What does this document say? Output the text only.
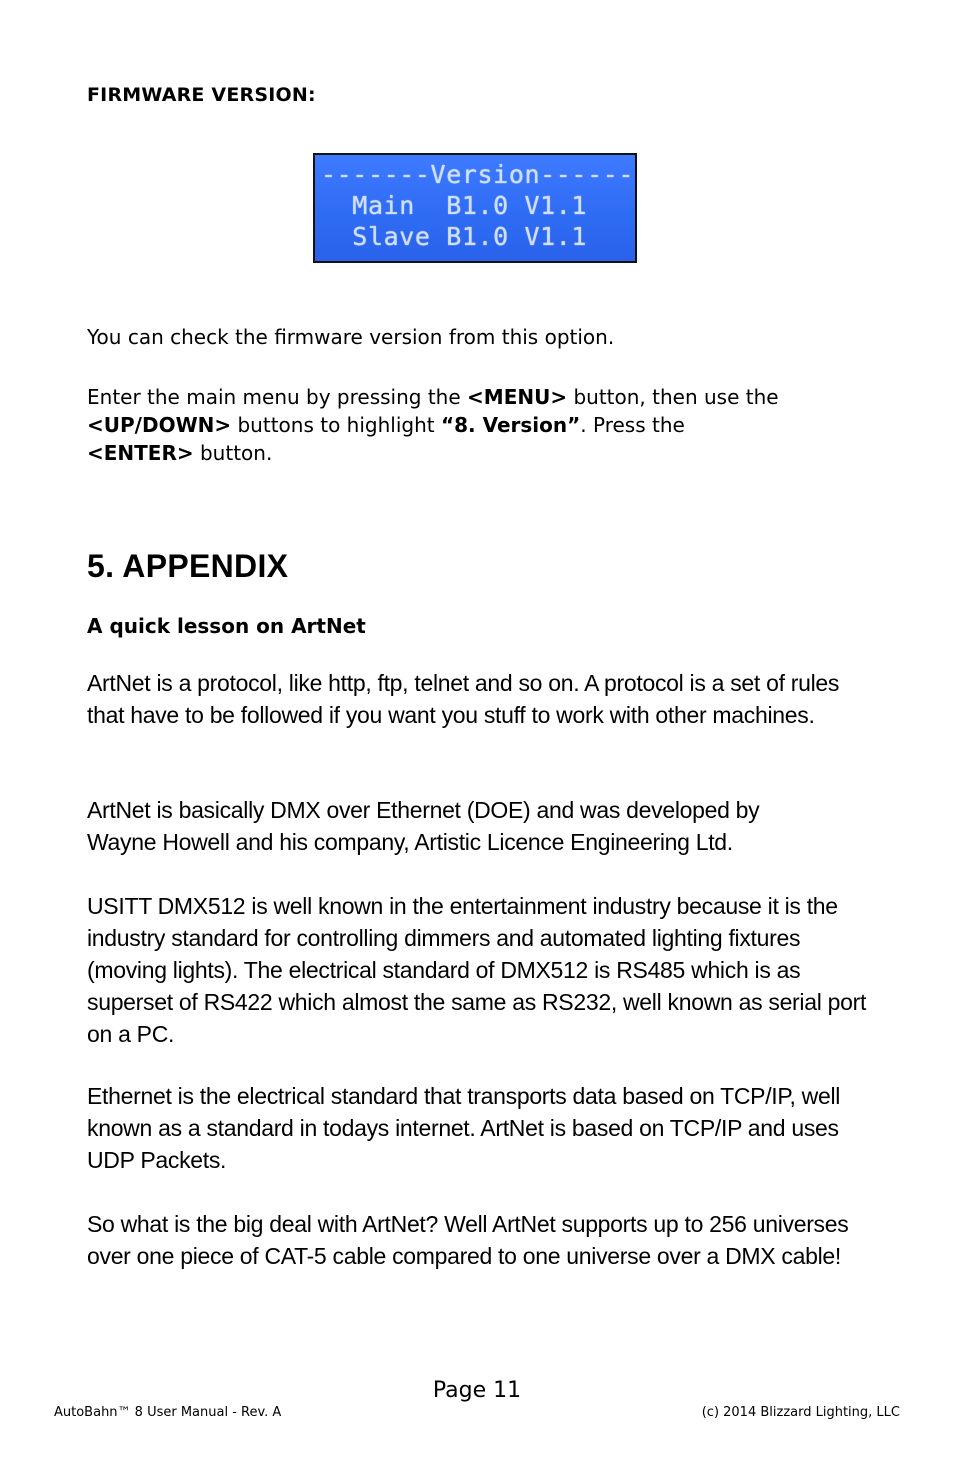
FIRMWARE VERSION:
-------Version------
Main  B1.0 V1.1
Slave B1.0 V1.1
You can check the firmware version from this option.
Enter the main menu by pressing the <MENU> button, then use the <UP/DOWN> buttons to highlight “8. Version”. Press the
<ENTER> button.
5. APPENDIX
A quick lesson on ArtNet
ArtNet is a protocol, like http, ftp, telnet and so on. A protocol is a set of rules that have to be followed if you want you stuff to work with other machines.
ArtNet is basically DMX over Ethernet (DOE) and was developed by Wayne Howell and his company, Artistic Licence Engineering Ltd.
USITT DMX512 is well known in the entertainment industry because it is the industry standard for controlling dimmers and automated lighting fixtures (moving lights). The electrical standard of DMX512 is RS485 which is as superset of RS422 which almost the same as RS232, well known as serial port on a PC.
Ethernet is the electrical standard that transports data based on TCP/IP, well known as a standard in todays internet. ArtNet is based on TCP/IP and uses UDP Packets.
So what is the big deal with ArtNet? Well ArtNet supports up to 256 universes over one piece of CAT-5 cable compared to one universe over a DMX cable!
Page 11
AutoBahn™ 8 User Manual - Rev. A	(c) 2014 Blizzard Lighting, LLC
